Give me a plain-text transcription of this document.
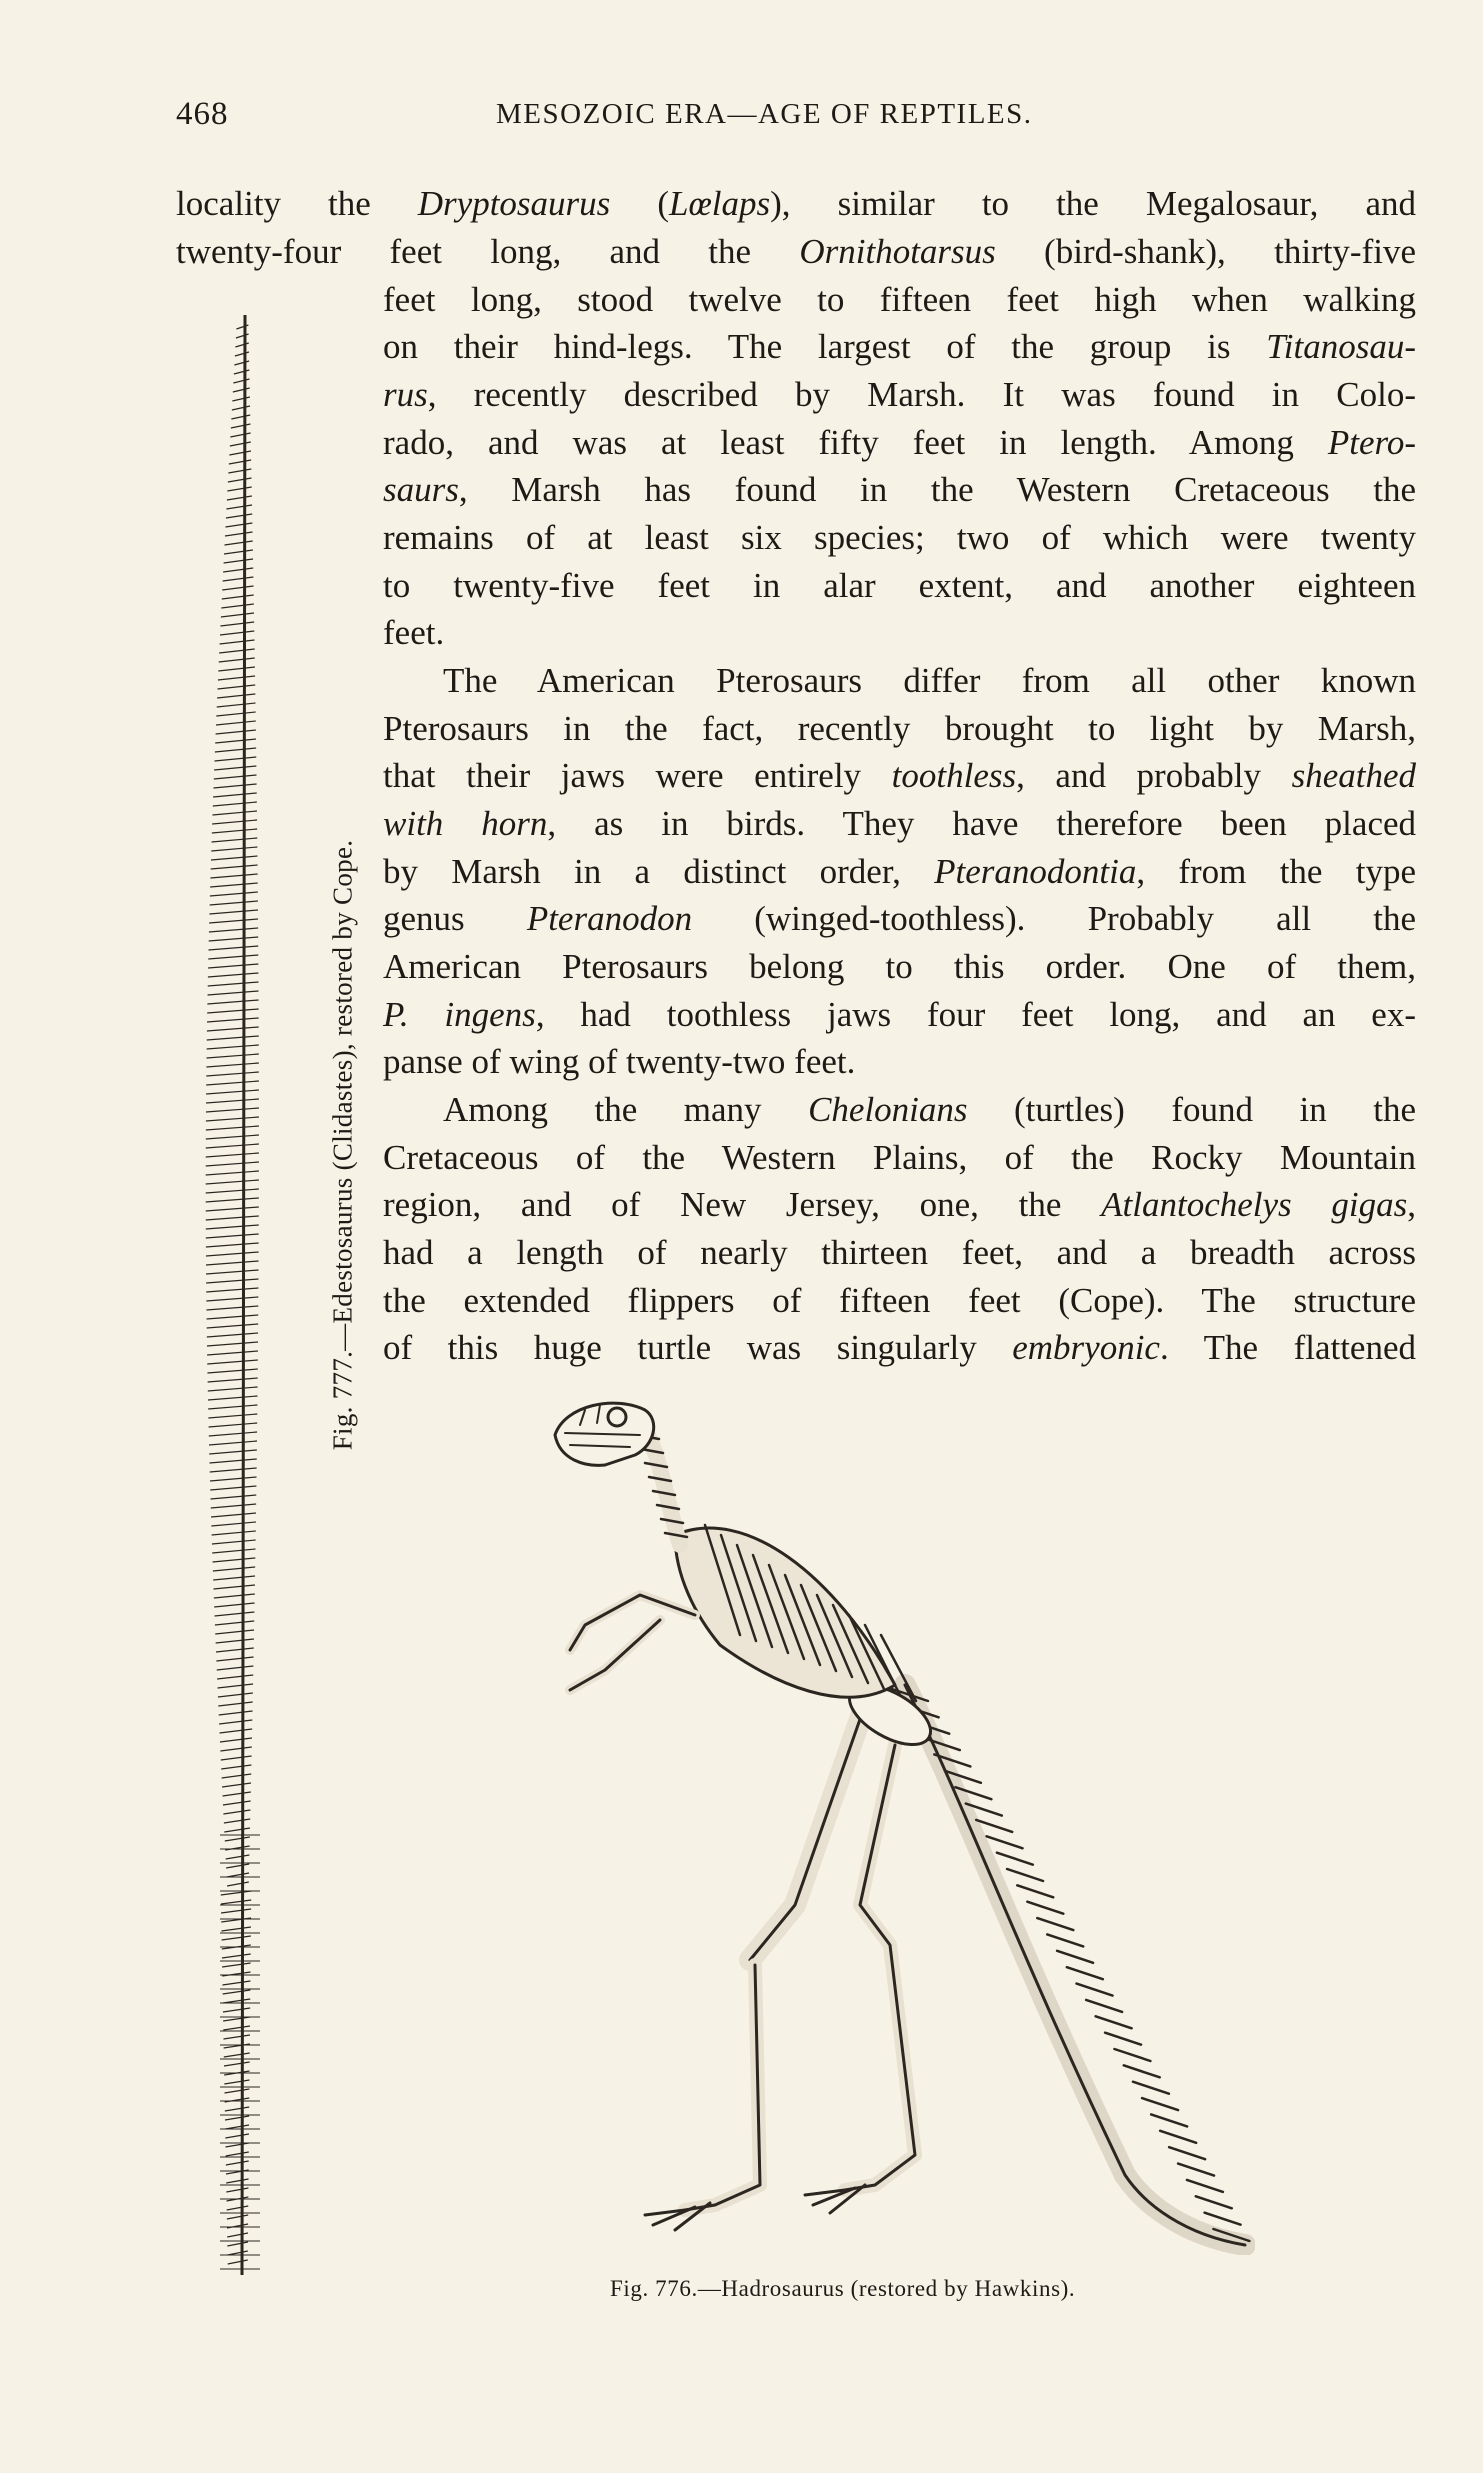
468	MESOZOIC ERA—AGE OF REPTILES.
locality the Dryptosaurus (Lœlaps), similar to the Megalosaur, and
twenty-four feet long, and the Ornithotarsus (bird-shank), thirty-five
feet long, stood twelve to fifteen feet high when walking
on their hind-legs. The largest of the group is Titanosau-
rus, recently described by Marsh. It was found in Colo-
rado, and was at least fifty feet in length. Among Ptero-
saurs, Marsh has found in the Western Cretaceous the
remains of at least six species; two of which were twenty
to twenty-five feet in alar extent, and another eighteen
feet.
The American Pterosaurs differ from all other known
Pterosaurs in the fact, recently brought to light by Marsh,
that their jaws were entirely toothless, and probably sheathed
with horn, as in birds. They have therefore been placed
by Marsh in a distinct order, Pteranodontia, from the type
genus Pteranodon (winged-toothless). Probably all the
American Pterosaurs belong to this order. One of them,
P. ingens, had toothless jaws four feet long, and an ex-
panse of wing of twenty-two feet.
Among the many Chelonians (turtles) found in the
Cretaceous of the Western Plains, of the Rocky Mountain
region, and of New Jersey, one, the Atlantochelys gigas,
had a length of nearly thirteen feet, and a breadth across
the extended flippers of fifteen feet (Cope). The structure
of this huge turtle was singularly embryonic. The flattened
Fig. 777.—Edestosaurus (Clidastes), restored by Cope.
Fig. 776.—Hadrosaurus (restored by Hawkins).
